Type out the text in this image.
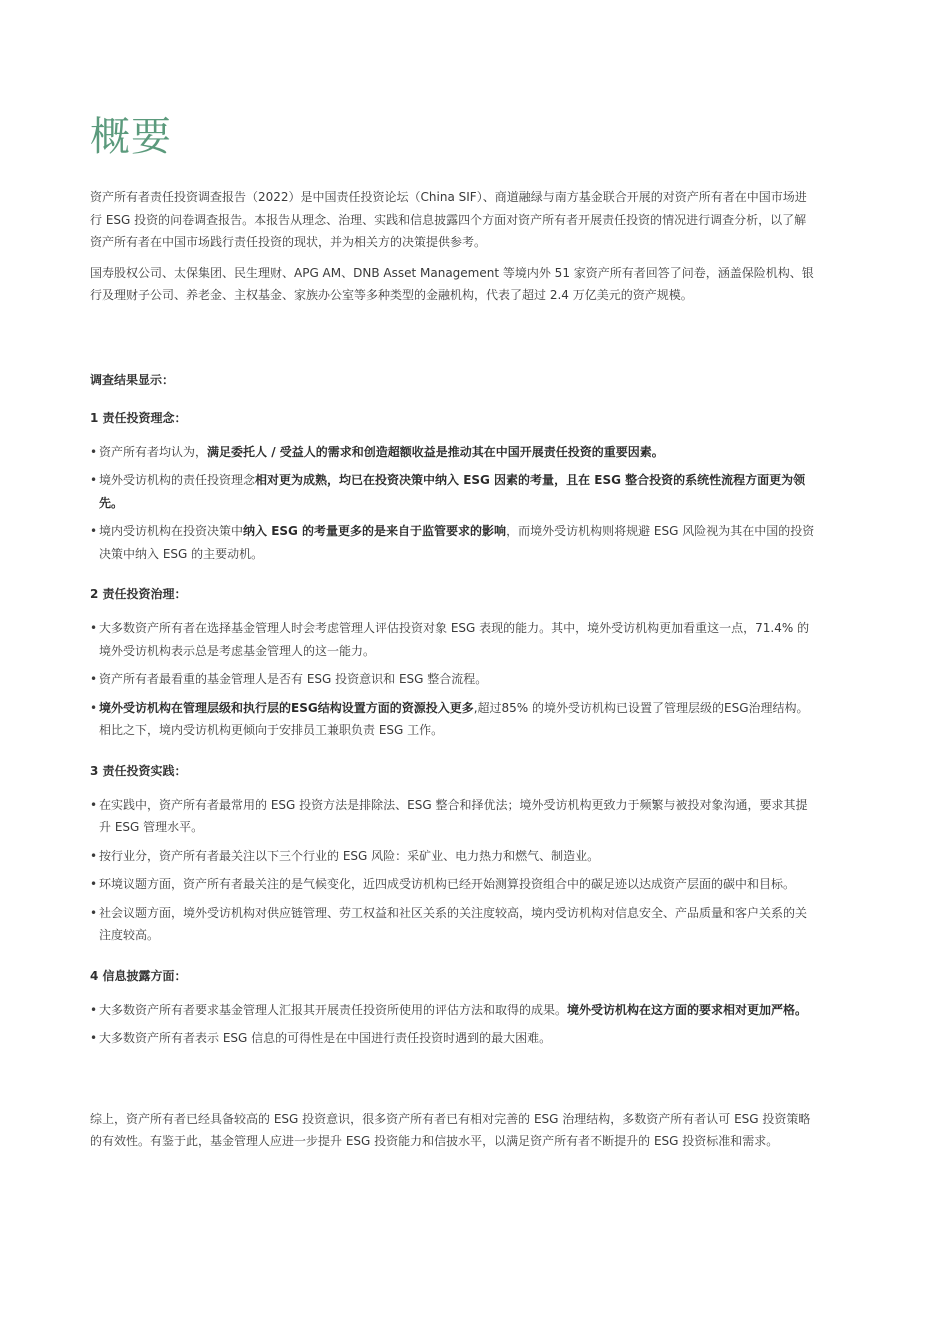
概要

资产所有者责任投资调查报告（2022）是中国责任投资论坛（China SIF）、商道融绿与南方基金联合开展的对资产所有者在中国市场进行 ESG 投资的问卷调查报告。本报告从理念、治理、实践和信息披露四个方面对资产所有者开展责任投资的情况进行调查分析，以了解资产所有者在中国市场践行责任投资的现状，并为相关方的决策提供参考。

国寿股权公司、太保集团、民生理财、APG AM、DNB Asset Management 等境内外 51 家资产所有者回答了问卷，涵盖保险机构、银行及理财子公司、养老金、主权基金、家族办公室等多种类型的金融机构，代表了超过 2.4 万亿美元的资产规模。

调查结果显示：
1 责任投资理念：
• 资产所有者均认为，满足委托人 / 受益人的需求和创造超额收益是推动其在中国开展责任投资的重要因素。
• 境外受访机构的责任投资理念相对更为成熟，均已在投资决策中纳入 ESG 因素的考量，且在 ESG 整合投资的系统性流程方面更为领先。
• 境内受访机构在投资决策中纳入 ESG 的考量更多的是来自于监管要求的影响，而境外受访机构则将规避 ESG 风险视为其在中国的投资决策中纳入 ESG 的主要动机。
2 责任投资治理：
• 大多数资产所有者在选择基金管理人时会考虑管理人评估投资对象 ESG 表现的能力。其中，境外受访机构更加看重这一点，71.4% 的境外受访机构表示总是考虑基金管理人的这一能力。
• 资产所有者最看重的基金管理人是否有 ESG 投资意识和 ESG 整合流程。
• 境外受访机构在管理层级和执行层的ESG结构设置方面的资源投入更多,超过85% 的境外受访机构已设置了管理层级的ESG治理结构。相比之下，境内受访机构更倾向于安排员工兼职负责 ESG 工作。
3 责任投资实践：
• 在实践中，资产所有者最常用的 ESG 投资方法是排除法、ESG 整合和择优法；境外受访机构更致力于频繁与被投对象沟通，要求其提升 ESG 管理水平。
• 按行业分，资产所有者最关注以下三个行业的 ESG 风险：采矿业、电力热力和燃气、制造业。
• 环境议题方面，资产所有者最关注的是气候变化，近四成受访机构已经开始测算投资组合中的碳足迹以达成资产层面的碳中和目标。
• 社会议题方面，境外受访机构对供应链管理、劳工权益和社区关系的关注度较高，境内受访机构对信息安全、产品质量和客户关系的关注度较高。
4 信息披露方面：
• 大多数资产所有者要求基金管理人汇报其开展责任投资所使用的评估方法和取得的成果。境外受访机构在这方面的要求相对更加严格。
• 大多数资产所有者表示 ESG 信息的可得性是在中国进行责任投资时遇到的最大困难。

综上，资产所有者已经具备较高的 ESG 投资意识，很多资产所有者已有相对完善的 ESG 治理结构，多数资产所有者认可 ESG 投资策略的有效性。有鉴于此，基金管理人应进一步提升 ESG 投资能力和信披水平，以满足资产所有者不断提升的 ESG 投资标准和需求。
